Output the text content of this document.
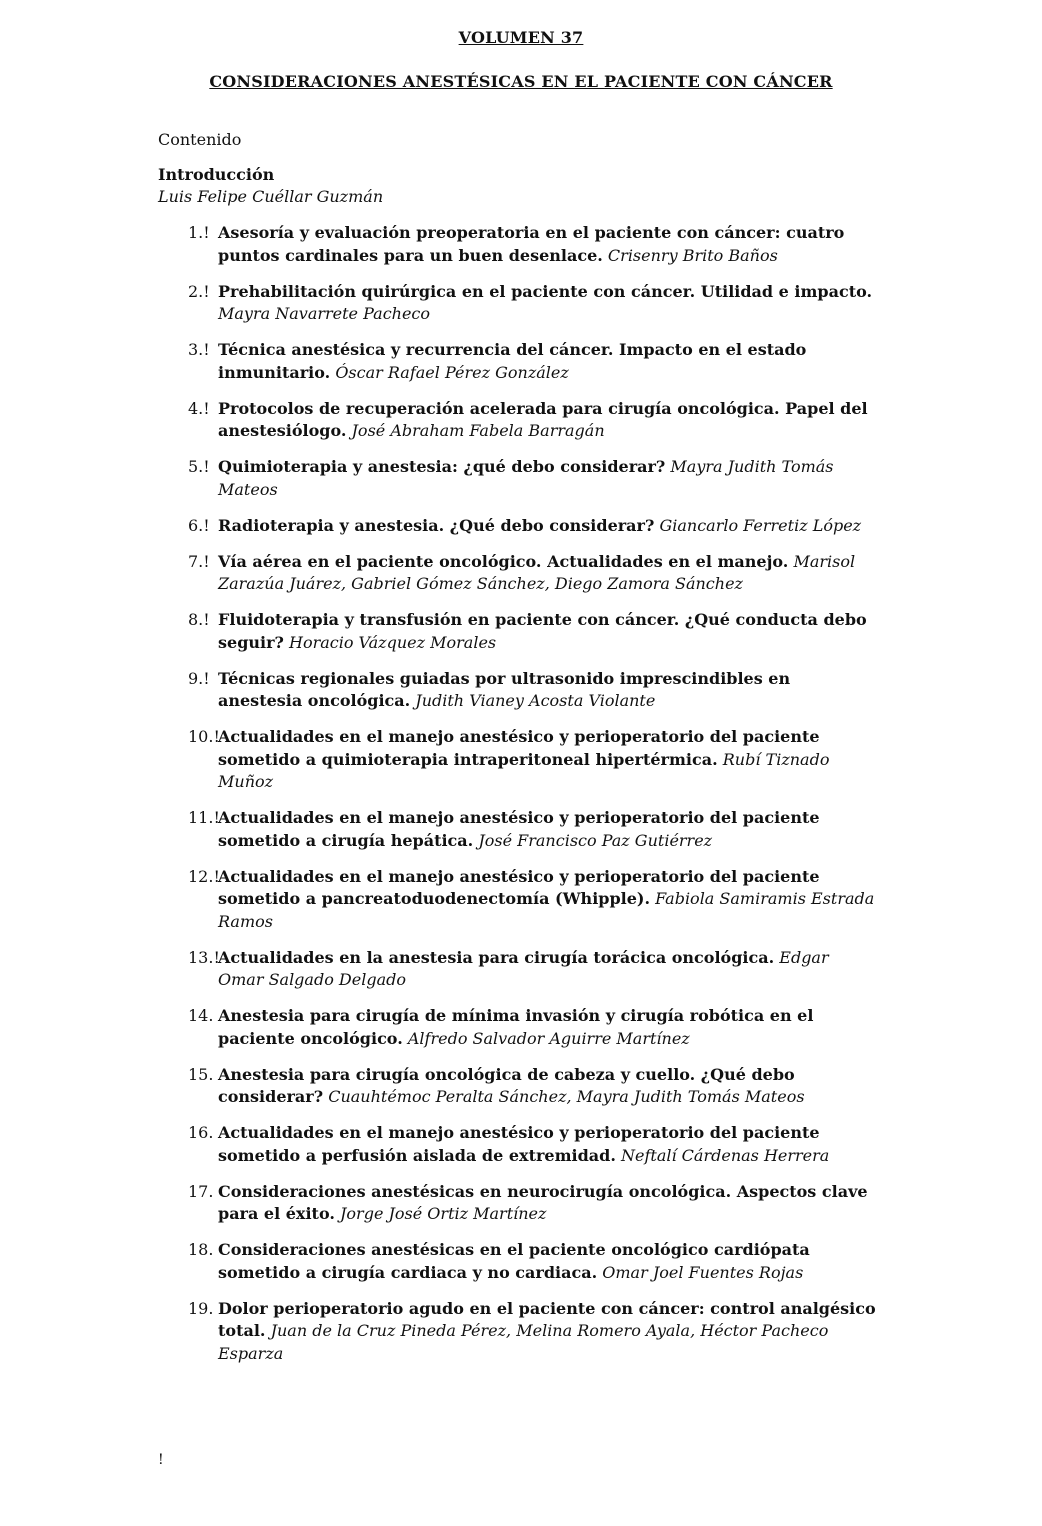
VOLUMEN 37
CONSIDERACIONES ANESTÉSICAS EN EL PACIENTE CON CÁNCER
Contenido
Introducción
Luis Felipe Cuéllar Guzmán
1.! Asesoría y evaluación preoperatoria en el paciente con cáncer: cuatro puntos cardinales para un buen desenlace. Crisenry Brito Baños
2.! Prehabilitación quirúrgica en el paciente con cáncer. Utilidad e impacto. Mayra Navarrete Pacheco
3.! Técnica anestésica y recurrencia del cáncer. Impacto en el estado inmunitario. Óscar Rafael Pérez González
4.! Protocolos de recuperación acelerada para cirugía oncológica. Papel del anestesiólogo. José Abraham Fabela Barragán
5.! Quimioterapia y anestesia: ¿qué debo considerar? Mayra Judith Tomás Mateos
6.! Radioterapia y anestesia. ¿Qué debo considerar? Giancarlo Ferretiz López
7.! Vía aérea en el paciente oncológico. Actualidades en el manejo. Marisol Zarazúa Juárez, Gabriel Gómez Sánchez, Diego Zamora Sánchez
8.! Fluidoterapia y transfusión en paciente con cáncer. ¿Qué conducta debo seguir? Horacio Vázquez Morales
9.! Técnicas regionales guiadas por ultrasonido imprescindibles en anestesia oncológica. Judith Vianey Acosta Violante
10.!
Actualidades en el manejo anestésico y perioperatorio del paciente sometido a quimioterapia intraperitoneal hipertérmica. Rubí Tiznado Muñoz
11.!
Actualidades en el manejo anestésico y perioperatorio del paciente sometido a cirugía hepática. José Francisco Paz Gutiérrez
12.!
Actualidades en el manejo anestésico y perioperatorio del paciente sometido a pancreatoduodenectomía (Whipple). Fabiola Samiramis Estrada Ramos
13.!
Actualidades en la anestesia para cirugía torácica oncológica. Edgar Omar Salgado Delgado
14. Anestesia para cirugía de mínima invasión y cirugía robótica en el paciente oncológico. Alfredo Salvador Aguirre Martínez
15. Anestesia para cirugía oncológica de cabeza y cuello. ¿Qué debo considerar? Cuauhtémoc Peralta Sánchez, Mayra Judith Tomás Mateos
16. Actualidades en el manejo anestésico y perioperatorio del paciente sometido a perfusión aislada de extremidad. Neftalí Cárdenas Herrera
17. Consideraciones anestésicas en neurocirugía oncológica. Aspectos clave para el éxito. Jorge José Ortiz Martínez
18. Consideraciones anestésicas en el paciente oncológico cardiópata sometido a cirugía cardiaca y no cardiaca. Omar Joel Fuentes Rojas
19. Dolor perioperatorio agudo en el paciente con cáncer: control analgésico total. Juan de la Cruz Pineda Pérez, Melina Romero Ayala, Héctor Pacheco Esparza
!
